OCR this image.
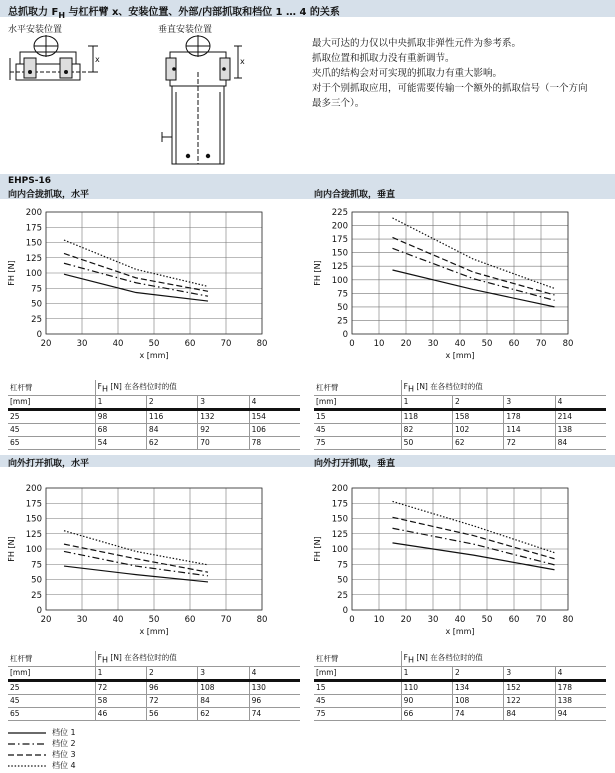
总抓取力 $F_H$ 与杠杆臂 x、安装位置、外部/内部抓取和档位 1 … 4 的关系
水平安装位置	垂直安装位置
x	x
最大可达的力仅以中央抓取非弹性元件为参考系。
抓取位置和抓取力没有重新调节。
夹爪的结构会对可实现的抓取力有重大影响。
对于个别抓取应用，可能需要传输一个额外的抓取信号（一个方向
最多三个）。
EHPS-16
向内合拢抓取，水平	向内合拢抓取，垂直
向外打开抓取，水平	向外打开抓取，垂直
20	30	40	50	60	70	80
0
25
50
75
100
125
150
175
200
FH [N]
x [mm]
0 10 20 30 40 50 60 70 80
0
25
50
75
100
125
150
175
200
225
FH [N]
x [mm]
20	30	40	50	60	70	80
0
25
50
75
100
125
150
175
200
FH [N]
x [mm]
0 10 20 30 40 50 60 70 80
0
25
50
75
100
125
150
175
200
FH [N]
x [mm]
杠杆臂	$F_H$ [N] 在各档位时的值			
[mm]	1	2	3	4
25	98	116	132	154
45	68	84	92	106
65	54	62	70	78
杠杆臂	$F_H$ [N] 在各档位时的值			
[mm]	1	2	3	4
15	118	158	178	214
45	82	102	114	138
75	50	62	72	84
杠杆臂	$F_H$ [N] 在各档位时的值			
[mm]	1	2	3	4
25	72	96	108	130
45	58	72	84	96
65	46	56	62	74
杠杆臂	$F_H$ [N] 在各档位时的值			
[mm]	1	2	3	4
15	110	134	152	178
45	90	108	122	138
75	66	74	84	94
档位 1
档位 2
档位 3
档位 4
